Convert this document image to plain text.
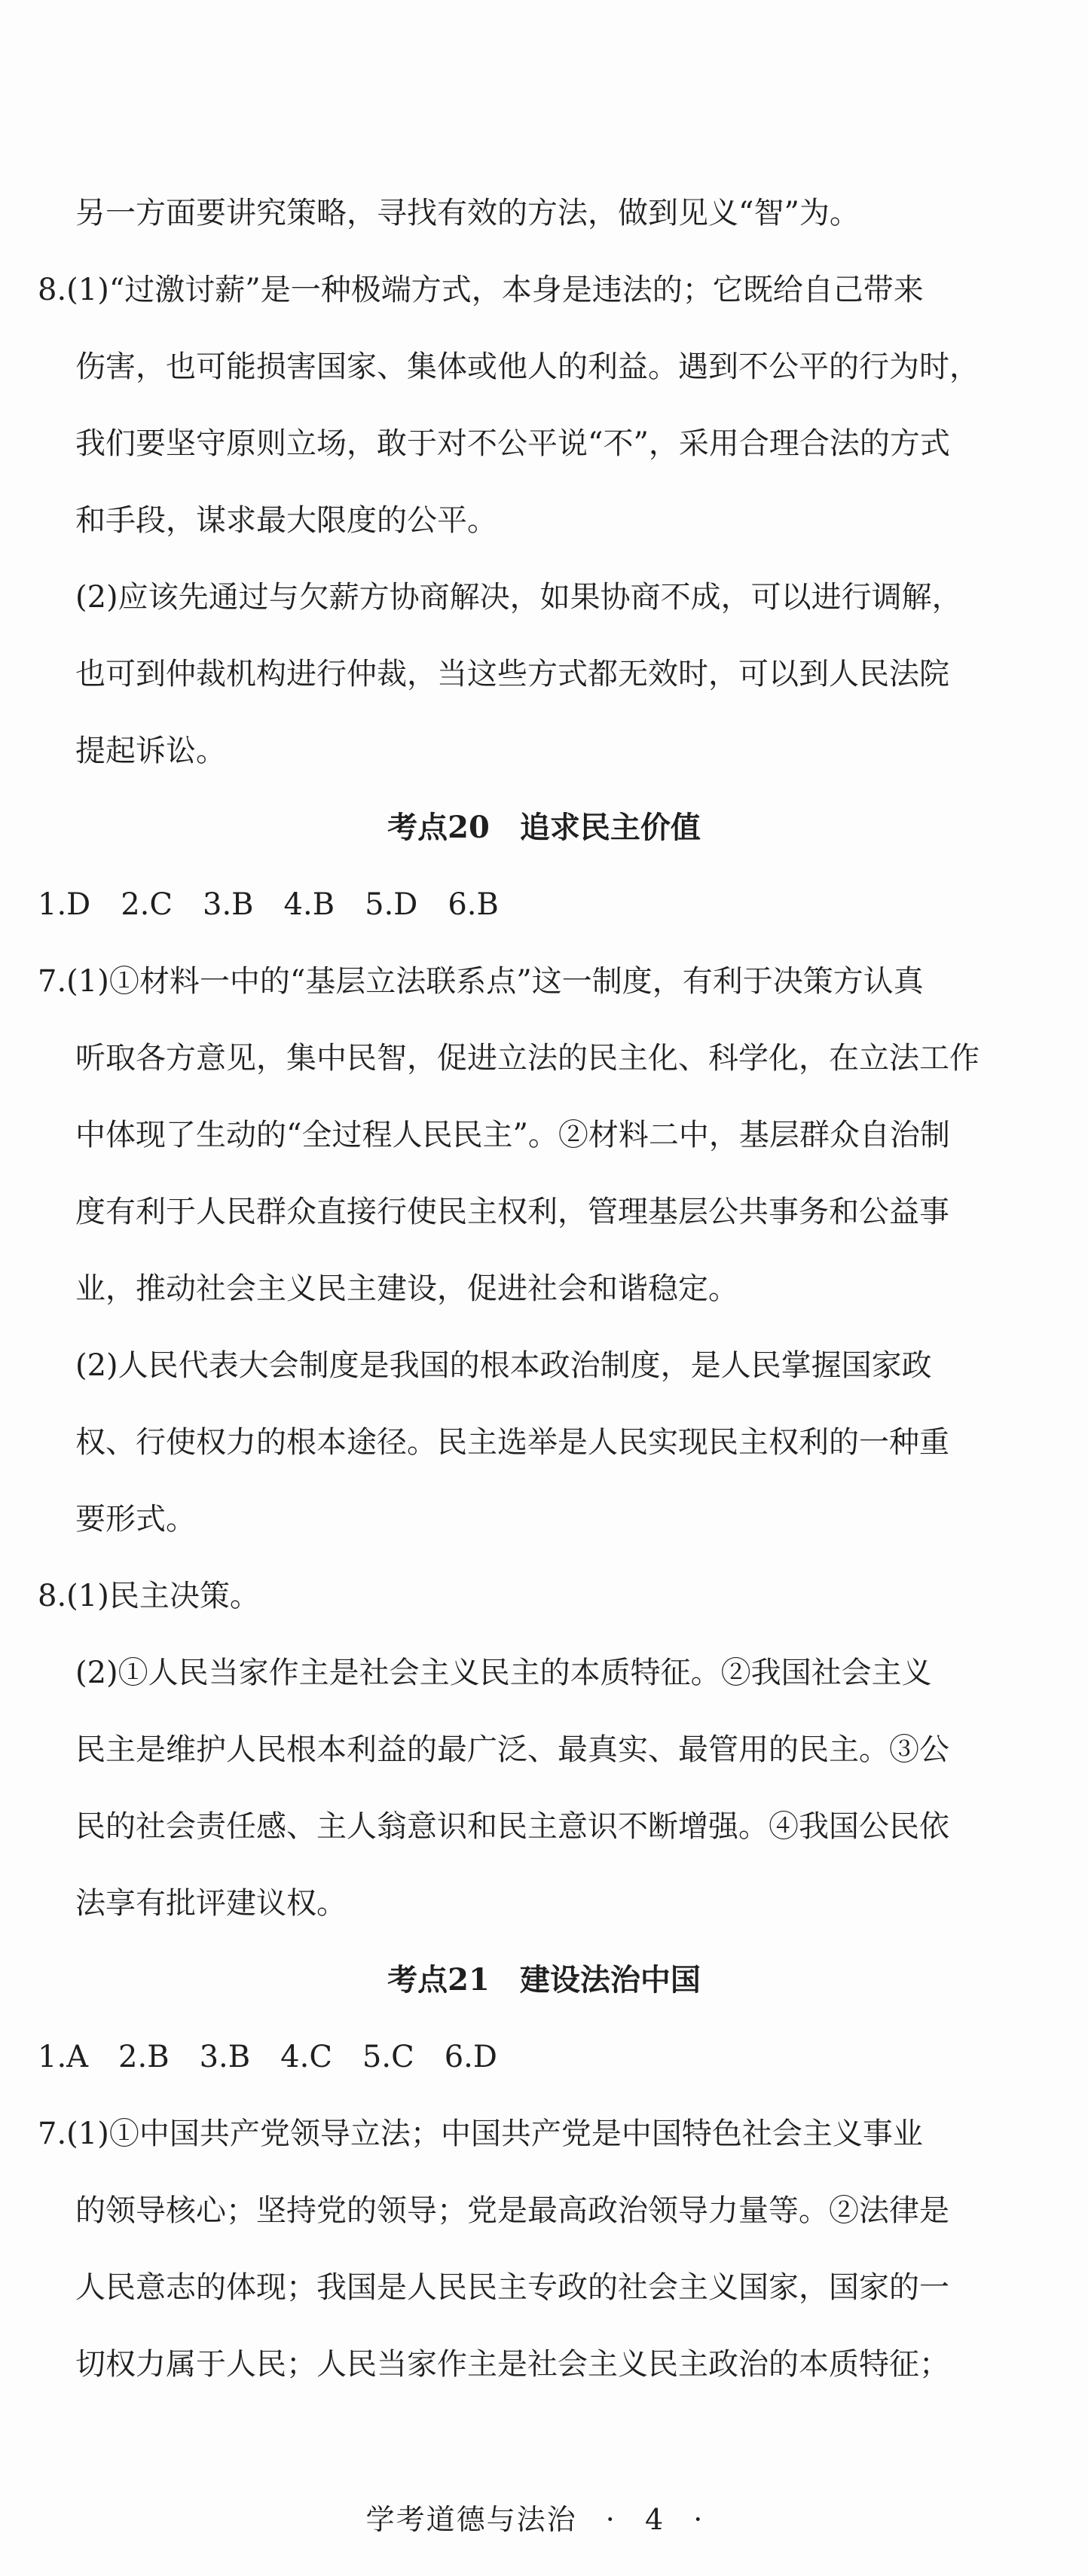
另一方面要讲究策略，寻找有效的方法，做到见义“智”为。
8.(1)“过激讨薪”是一种极端方式，本身是违法的；它既给自己带来
伤害，也可能损害国家、集体或他人的利益。遇到不公平的行为时，
我们要坚守原则立场，敢于对不公平说“不”，采用合理合法的方式
和手段，谋求最大限度的公平。
(2)应该先通过与欠薪方协商解决，如果协商不成，可以进行调解，
也可到仲裁机构进行仲裁，当这些方式都无效时，可以到人民法院
提起诉讼。
考点20　追求民主价值
1.D　2.C　3.B　4.B　5.D　6.B
7.(1)①材料一中的“基层立法联系点”这一制度，有利于决策方认真
听取各方意见，集中民智，促进立法的民主化、科学化，在立法工作
中体现了生动的“全过程人民民主”。②材料二中，基层群众自治制
度有利于人民群众直接行使民主权利，管理基层公共事务和公益事
业，推动社会主义民主建设，促进社会和谐稳定。
(2)人民代表大会制度是我国的根本政治制度，是人民掌握国家政
权、行使权力的根本途径。民主选举是人民实现民主权利的一种重
要形式。
8.(1)民主决策。
(2)①人民当家作主是社会主义民主的本质特征。②我国社会主义
民主是维护人民根本利益的最广泛、最真实、最管用的民主。③公
民的社会责任感、主人翁意识和民主意识不断增强。④我国公民依
法享有批评建议权。
考点21　建设法治中国
1.A　2.B　3.B　4.C　5.C　6.D
7.(1)①中国共产党领导立法；中国共产党是中国特色社会主义事业
的领导核心；坚持党的领导；党是最高政治领导力量等。②法律是
人民意志的体现；我国是人民民主专政的社会主义国家，国家的一
切权力属于人民；人民当家作主是社会主义民主政治的本质特征；
学考道德与法治 · 4 ·
